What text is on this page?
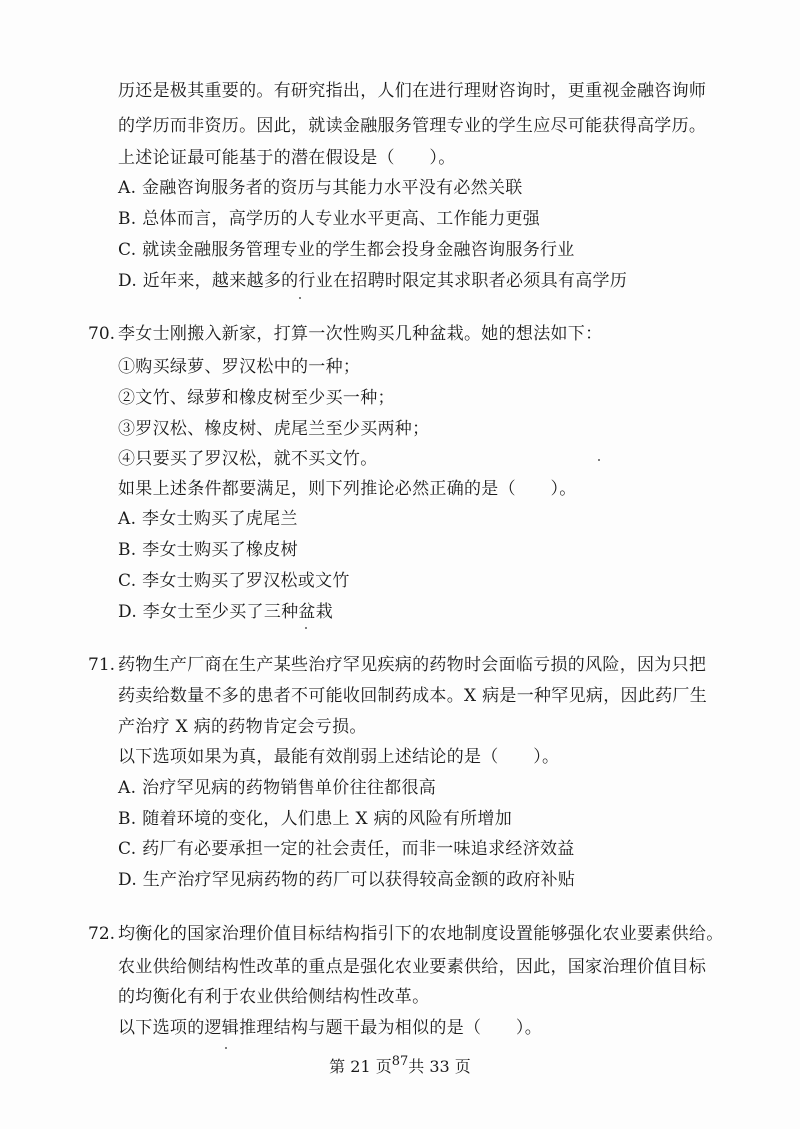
历还是极其重要的。有研究指出，人们在进行理财咨询时，更重视金融咨询师
的学历而非资历。因此，就读金融服务管理专业的学生应尽可能获得高学历。
上述论证最可能基于的潜在假设是（　　）。
A. 金融咨询服务者的资历与其能力水平没有必然关联
B. 总体而言，高学历的人专业水平更高、工作能力更强
C. 就读金融服务管理专业的学生都会投身金融咨询服务行业
D. 近年来，越来越多的行业在招聘时限定其求职者必须具有高学历
70. 李女士刚搬入新家，打算一次性购买几种盆栽。她的想法如下：
①购买绿萝、罗汉松中的一种；
②文竹、绿萝和橡皮树至少买一种；
③罗汉松、橡皮树、虎尾兰至少买两种；
④只要买了罗汉松，就不买文竹。
如果上述条件都要满足，则下列推论必然正确的是（　　）。
A. 李女士购买了虎尾兰
B. 李女士购买了橡皮树
C. 李女士购买了罗汉松或文竹
D. 李女士至少买了三种盆栽
71. 药物生产厂商在生产某些治疗罕见疾病的药物时会面临亏损的风险，因为只把
药卖给数量不多的患者不可能收回制药成本。X 病是一种罕见病，因此药厂生
产治疗 X 病的药物肯定会亏损。
以下选项如果为真，最能有效削弱上述结论的是（　　）。
A. 治疗罕见病的药物销售单价往往都很高
B. 随着环境的变化，人们患上 X 病的风险有所增加
C. 药厂有必要承担一定的社会责任，而非一味追求经济效益
D. 生产治疗罕见病药物的药厂可以获得较高金额的政府补贴
72. 均衡化的国家治理价值目标结构指引下的农地制度设置能够强化农业要素供给。
农业供给侧结构性改革的重点是强化农业要素供给，因此，国家治理价值目标
的均衡化有利于农业供给侧结构性改革。
以下选项的逻辑推理结构与题干最为相似的是（　　）。
第 21 页$^{87}$共 33 页
